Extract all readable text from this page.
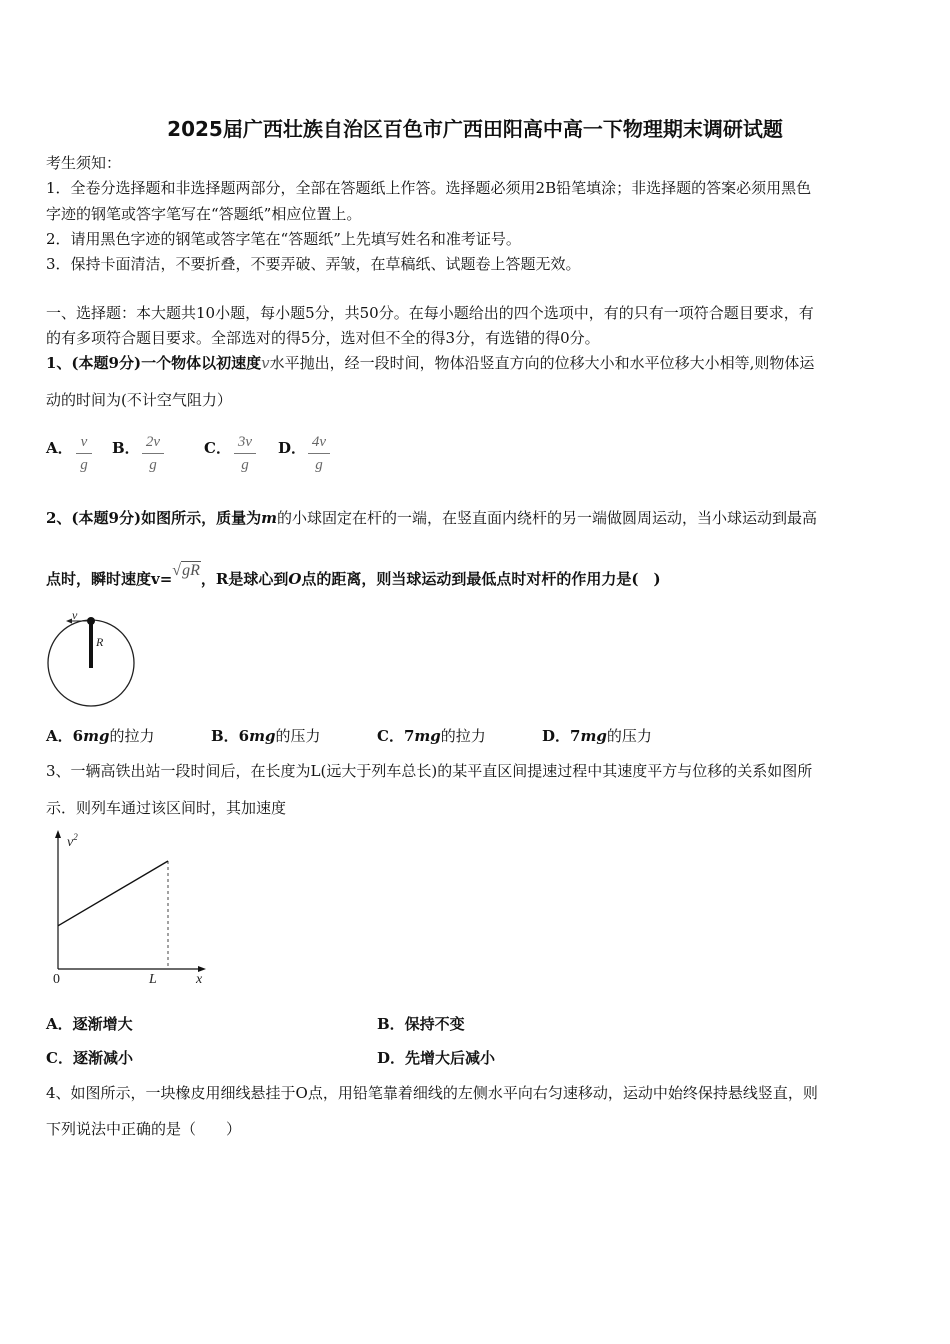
2025届广西壮族自治区百色市广西田阳高中高一下物理期末调研试题
考生须知：
1．全卷分选择题和非选择题两部分，全部在答题纸上作答。选择题必须用2B铅笔填涂；非选择题的答案必须用黑色
字迹的钢笔或答字笔写在“答题纸”相应位置上。
2．请用黑色字迹的钢笔或答字笔在“答题纸”上先填写姓名和准考证号。
3．保持卡面清洁，不要折叠，不要弄破、弄皱，在草稿纸、试题卷上答题无效。
一、选择题：本大题共10小题，每小题5分，共50分。在每小题给出的四个选项中，有的只有一项符合题目要求，有
的有多项符合题目要求。全部选对的得5分，选对但不全的得3分，有选错的得0分。
1、(本题9分)一个物体以初速度v水平抛出，经一段时间，物体沿竖直方向的位移大小和水平位移大小相等,则物体运
动的时间为(不计空气阻力）
A． v
g
B． 2v
g
C． 3v
g
D． 4v
g
2、(本题9分)如图所示，质量为m的小球固定在杆的一端，在竖直面内绕杆的另一端做圆周运动，当小球运动到最高
点时，瞬时速度v=√gR，R是球心到O点的距离，则当球运动到最低点时对杆的作用力是(　)
v
R
A．6mg的拉力	B．6mg的压力	C．7mg的拉力	D．7mg的压力
3、一辆高铁出站一段时间后，在长度为L(远大于列车总长)的某平直区间提速过程中其速度平方与位移的关系如图所
示．则列车通过该区间时，其加速度
$v^2$
x
0	L
A．逐渐增大	B．保持不变
C．逐渐减小	D．先增大后减小
4、如图所示，一块橡皮用细线悬挂于O点，用铅笔靠着细线的左侧水平向右匀速移动，运动中始终保持悬线竖直，则
下列说法中正确的是（　　）
